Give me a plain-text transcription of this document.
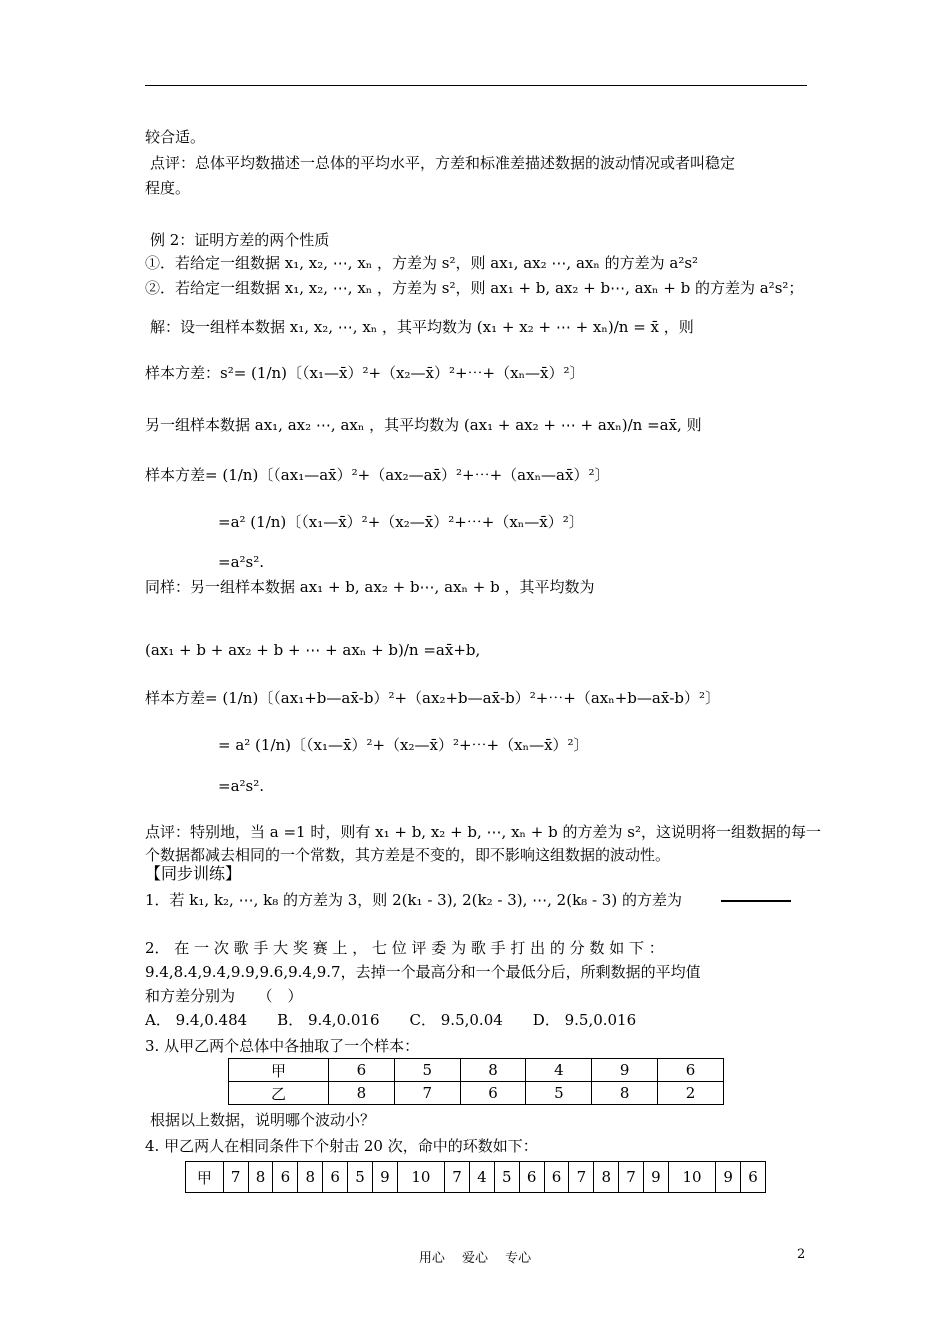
较合适。
点评：总体平均数描述一总体的平均水平，方差和标准差描述数据的波动情况或者叫稳定
程度。
例 2：证明方差的两个性质
①．若给定一组数据 x₁, x₂, ⋯, xₙ ，方差为 s²，则 ax₁, ax₂ ⋯, axₙ 的方差为 a²s²
②．若给定一组数据 x₁, x₂, ⋯, xₙ ，方差为 s²，则 ax₁ + b, ax₂ + b⋯, axₙ + b 的方差为 a²s²；
解：设一组样本数据 x₁, x₂, ⋯, xₙ ，其平均数为 (x₁ + x₂ + ⋯ + xₙ)/n = x̄ ，则
样本方差：s²= (1/n)〔（x₁—x̄）²+（x₂—x̄）²+⋯+（xₙ—x̄）²〕
另一组样本数据 ax₁, ax₂ ⋯, axₙ ，其平均数为 (ax₁ + ax₂ + ⋯ + axₙ)/n =ax̄, 则
样本方差= (1/n)〔（ax₁—ax̄）²+（ax₂—ax̄）²+⋯+（axₙ—ax̄）²〕
=a² (1/n)〔（x₁—x̄）²+（x₂—x̄）²+⋯+（xₙ—x̄）²〕
=a²s².
同样：另一组样本数据 ax₁ + b, ax₂ + b⋯, axₙ + b ，其平均数为
(ax₁ + b + ax₂ + b + ⋯ + axₙ + b)/n =ax̄+b,
样本方差= (1/n)〔（ax₁+b—ax̄-b）²+（ax₂+b—ax̄-b）²+⋯+（axₙ+b—ax̄-b）²〕
= a² (1/n)〔（x₁—x̄）²+（x₂—x̄）²+⋯+（xₙ—x̄）²〕
=a²s².
点评：特别地，当 a =1 时，则有 x₁ + b, x₂ + b, ⋯, xₙ + b 的方差为 s²，这说明将一组数据的每一
个数据都减去相同的一个常数，其方差是不变的，即不影响这组数据的波动性。
【同步训练】
1．若 k₁, k₂, ⋯, k₈ 的方差为 3，则 2(k₁ - 3), 2(k₂ - 3), ⋯, 2(k₈ - 3) 的方差为
2． 在 一 次 歌 手 大 奖 赛 上 ， 七 位 评 委 为 歌 手 打 出 的 分 数 如 下 ：
9.4,8.4,9.4,9.9,9.6,9.4,9.7，去掉一个最高分和一个最低分后，所剩数据的平均值
和方差分别为　　（　）
A． 9.4,0.484　　B． 9.4,0.016　　C． 9.5,0.04　　D． 9.5,0.016
3. 从甲乙两个总体中各抽取了一个样本：
甲	6	5	8	4	9	6
乙	8	7	6	5	8	2
根据以上数据，说明哪个波动小？
4. 甲乙两人在相同条件下个射击 20 次，命中的环数如下：
甲	7	8	6	8	6	5	9	10	7	4	5	6	6	7	8	7	9	10	9	6
用心　 爱心　 专心	2
